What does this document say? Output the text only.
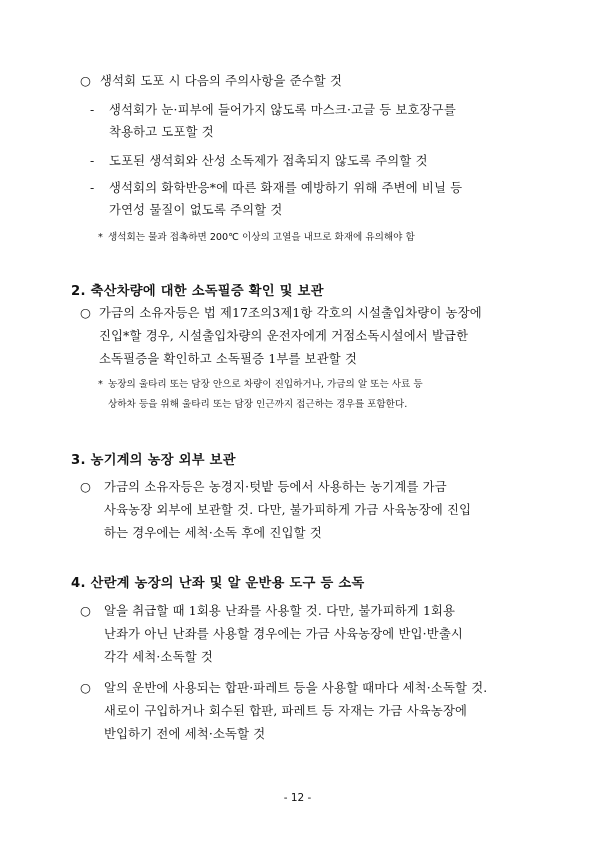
○ 생석회 도포 시 다음의 주의사항을 준수할 것
- 생석회가 눈·피부에 들어가지 않도록 마스크·고글 등 보호장구를
착용하고 도포할 것
- 도포된 생석회와 산성 소독제가 접촉되지 않도록 주의할 것
- 생석회의 화학반응*에 따른 화재를 예방하기 위해 주변에 비닐 등
가연성 물질이 없도록 주의할 것
* 생석회는 물과 접촉하면 200℃ 이상의 고열을 내므로 화재에 유의해야 함
2. 축산차량에 대한 소독필증 확인 및 보관
○ 가금의 소유자등은 법 제17조의3제1항 각호의 시설출입차량이 농장에
진입*할 경우, 시설출입차량의 운전자에게 거점소독시설에서 발급한
소독필증을 확인하고 소독필증 1부를 보관할 것
* 농장의 울타리 또는 담장 안으로 차량이 진입하거나, 가금의 알 또는 사료 등
상하차 등을 위해 울타리 또는 담장 인근까지 접근하는 경우를 포함한다.
3. 농기계의 농장 외부 보관
○ 가금의 소유자등은 농경지·텃밭 등에서 사용하는 농기계를 가금
사육농장 외부에 보관할 것. 다만, 불가피하게 가금 사육농장에 진입
하는 경우에는 세척·소독 후에 진입할 것
4. 산란계 농장의 난좌 및 알 운반용 도구 등 소독
○ 알을 취급할 때 1회용 난좌를 사용할 것. 다만, 불가피하게 1회용
난좌가 아닌 난좌를 사용할 경우에는 가금 사육농장에 반입·반출시
각각 세척·소독할 것
○ 알의 운반에 사용되는 합판·파레트 등을 사용할 때마다 세척·소독할 것.
새로이 구입하거나 회수된 합판, 파레트 등 자재는 가금 사육농장에
반입하기 전에 세척·소독할 것
- 12 -
